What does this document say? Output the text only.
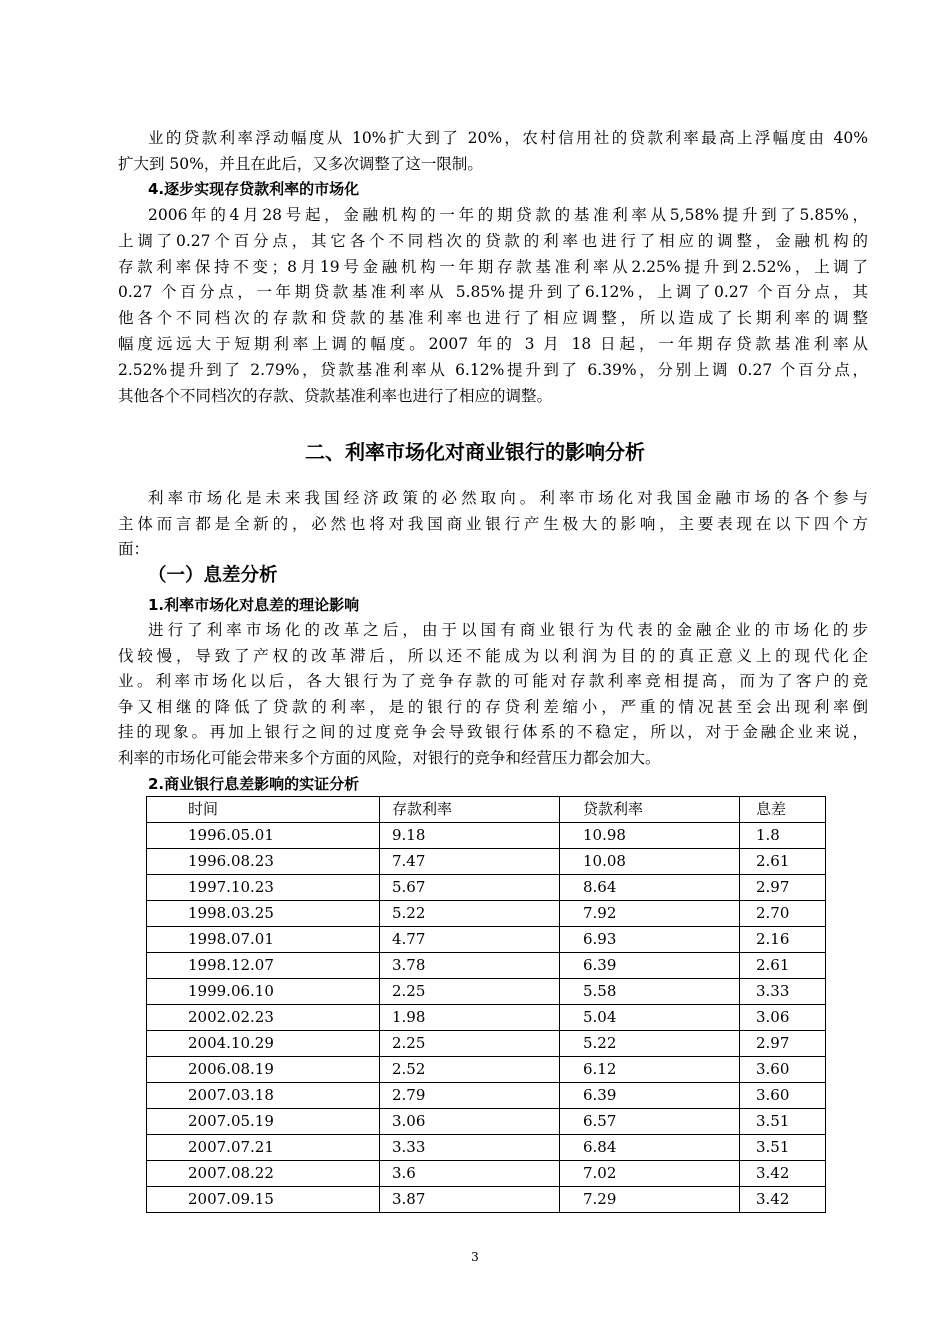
业的贷款利率浮动幅度从 10%扩大到了 20%，农村信用社的贷款利率最高上浮幅度由 40%
扩大到 50%，并且在此后，又多次调整了这一限制。
4.逐步实现存贷款利率的市场化
2006年的4月28号起，金融机构的一年的期贷款的基准利率从5,58%提升到了5.85%，
上调了0.27个百分点，其它各个不同档次的贷款的利率也进行了相应的调整，金融机构的
存款利率保持不变；8月19号金融机构一年期存款基准利率从2.25%提升到2.52%，上调了
0.27 个百分点，一年期贷款基准利率从 5.85%提升到了6.12%，上调了0.27 个百分点，其
他各个不同档次的存款和贷款的基准利率也进行了相应调整，所以造成了长期利率的调整
幅度远远大于短期利率上调的幅度。2007 年的 3 月 18 日起，一年期存贷款基准利率从
2.52%提升到了 2.79%，贷款基准利率从 6.12%提升到了 6.39%，分别上调 0.27 个百分点，
其他各个不同档次的存款、贷款基准利率也进行了相应的调整。
利率市场化是未来我国经济政策的必然取向。利率市场化对我国金融市场的各个参与
主体而言都是全新的，必然也将对我国商业银行产生极大的影响，主要表现在以下四个方
面：
（一）息差分析
1.利率市场化对息差的理论影响
进行了利率市场化的改革之后，由于以国有商业银行为代表的金融企业的市场化的步
伐较慢，导致了产权的改革滞后，所以还不能成为以利润为目的的真正意义上的现代化企
业。利率市场化以后，各大银行为了竞争存款的可能对存款利率竞相提高，而为了客户的竞
争又相继的降低了贷款的利率，是的银行的存贷利差缩小，严重的情况甚至会出现利率倒
挂的现象。再加上银行之间的过度竞争会导致银行体系的不稳定，所以，对于金融企业来说，
利率的市场化可能会带来多个方面的风险，对银行的竞争和经营压力都会加大。
2.商业银行息差影响的实证分析
二、利率市场化对商业银行的影响分析
时间	存款利率	贷款利率	息差
1996.05.01	9.18	10.98	1.8
1996.08.23	7.47	10.08	2.61
1997.10.23	5.67	8.64	2.97
1998.03.25	5.22	7.92	2.70
1998.07.01	4.77	6.93	2.16
1998.12.07	3.78	6.39	2.61
1999.06.10	2.25	5.58	3.33
2002.02.23	1.98	5.04	3.06
2004.10.29	2.25	5.22	2.97
2006.08.19	2.52	6.12	3.60
2007.03.18	2.79	6.39	3.60
2007.05.19	3.06	6.57	3.51
2007.07.21	3.33	6.84	3.51
2007.08.22	3.6	7.02	3.42
2007.09.15	3.87	7.29	3.42
3
